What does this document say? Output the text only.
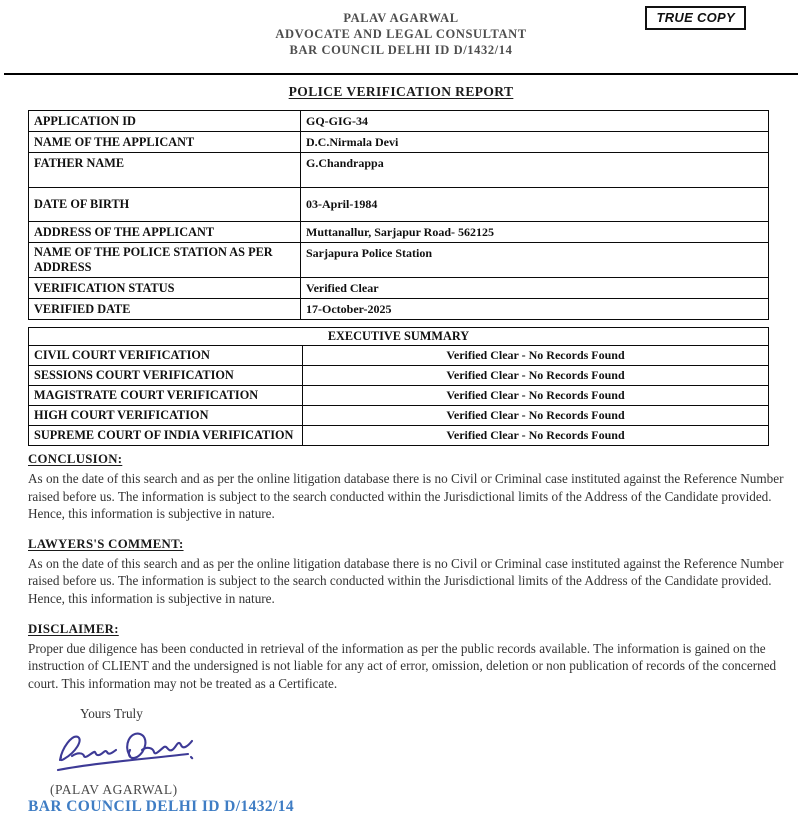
TRUE COPY
PALAV AGARWAL
ADVOCATE AND LEGAL CONSULTANT
BAR COUNCIL DELHI ID D/1432/14
POLICE VERIFICATION REPORT
APPLICATION ID	GQ-GIG-34
NAME OF THE APPLICANT	D.C.Nirmala Devi
FATHER NAME	G.Chandrappa
DATE OF BIRTH	03-April-1984
ADDRESS OF THE APPLICANT	Muttanallur, Sarjapur Road- 562125
NAME OF THE POLICE STATION AS PER ADDRESS	Sarjapura Police Station
VERIFICATION STATUS	Verified Clear
VERIFIED DATE	17-October-2025
EXECUTIVE SUMMARY	
CIVIL COURT VERIFICATION	Verified Clear - No Records Found
SESSIONS COURT VERIFICATION	Verified Clear - No Records Found
MAGISTRATE COURT VERIFICATION	Verified Clear - No Records Found
HIGH COURT VERIFICATION	Verified Clear - No Records Found
SUPREME COURT OF INDIA VERIFICATION	Verified Clear - No Records Found
CONCLUSION:
As on the date of this search and as per the online litigation database there is no Civil or Criminal case instituted against the Reference Number raised before us. The information is subject to the search conducted within the Jurisdictional limits of the Address of the Candidate provided. Hence, this information is subjective in nature.
LAWYERS'S COMMENT:
As on the date of this search and as per the online litigation database there is no Civil or Criminal case instituted against the Reference Number raised before us. The information is subject to the search conducted within the Jurisdictional limits of the Address of the Candidate provided. Hence, this information is subjective in nature.
DISCLAIMER:
Proper due diligence has been conducted in retrieval of the information as per the public records available. The information is gained on the instruction of CLIENT and the undersigned is not liable for any act of error, omission, deletion or non publication of records of the concerned court. This information may not be treated as a Certificate.
Yours Truly
(PALAV AGARWAL)
BAR COUNCIL DELHI ID D/1432/14
